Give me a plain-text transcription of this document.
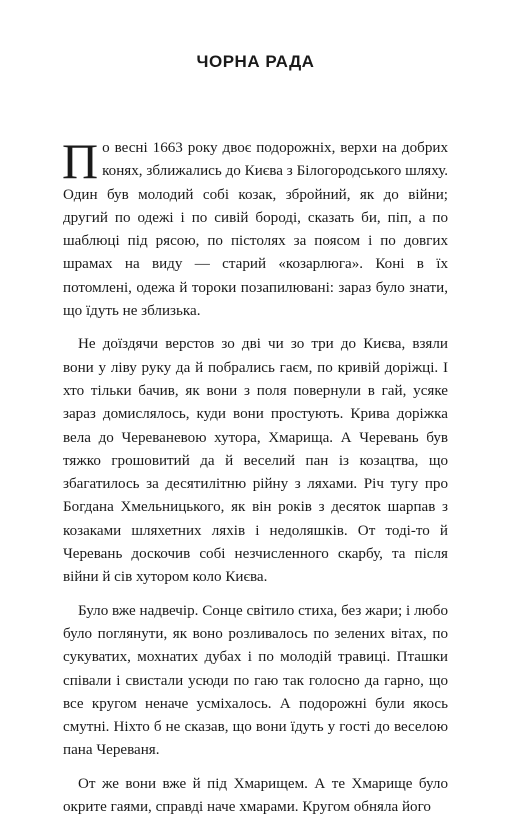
ЧОРНА РАДА

По весні 1663 року двоє подорожніх, верхи на добрих конях, зближались до Києва з Білогородського шляху. Один був молодий собі козак, збройний, як до війни; другий по одежі і по сивій бороді, сказать би, піп, а по шаблюці під рясою, по пістолях за поясом і по довгих шрамах на виду — старий «козарлюга». Коні в їх потомлені, одежа й тороки позапилювані: зараз було знати, що їдуть не зблизька.

Не доїздячи верстов зо дві чи зо три до Києва, взяли вони у ліву руку да й побрались гаєм, по кривій доріжці. І хто тільки бачив, як вони з поля повернули в гай, усяке зараз домислялось, куди вони простують. Крива доріжка вела до Череваневою хутора, Хмарища. А Черевань був тяжко грошовитий да й веселий пан із козацтва, що збагатилось за десятилітню рійну з ляхами. Річ тугу про Богдана Хмельницького, як він років з десяток шарпав з козаками шляхетних ляхів і недоляшків. От тоді-то й Черевань доскочив собі незчисленного скарбу, та після війни й сів хутором коло Києва.

Було вже надвечір. Сонце світило стиха, без жари; і любо було поглянути, як воно розливалось по зелених вітах, по сукуватих, мохнатих дубах і по молодій травиці. Пташки співали і свистали усюди по гаю так голосно да гарно, що все кругом неначе усміхалось. А подорожні були якось смутні. Ніхто б не сказав, що вони їдуть у гості до веселою пана Череваня.

От же вони вже й під Хмарищем. А те Хмарище було окрите гаями, справді наче хмарами. Кругом обняла його
